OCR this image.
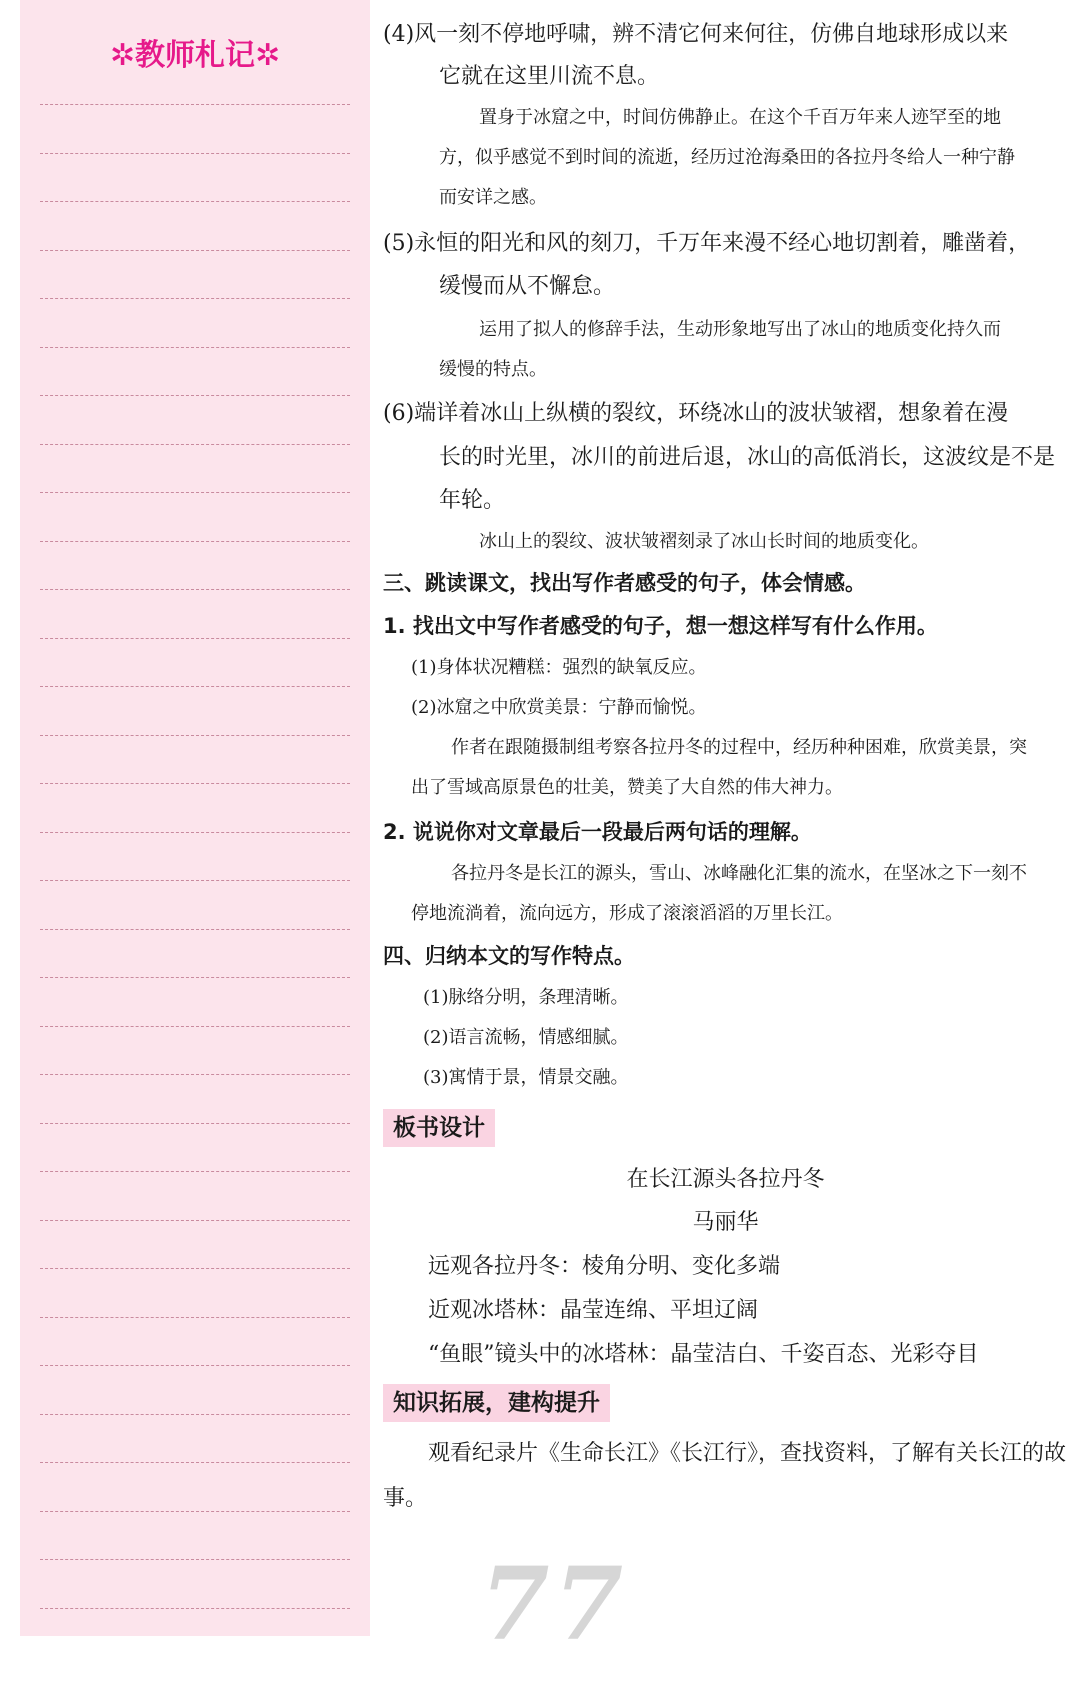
✲教师札记✲

(4)风一刻不停地呼啸，辨不清它何来何往，仿佛自地球形成以来

它就在这里川流不息。

置身于冰窟之中，时间仿佛静止。在这个千百万年来人迹罕至的地

方，似乎感觉不到时间的流逝，经历过沧海桑田的各拉丹冬给人一种宁静

而安详之感。

(5)永恒的阳光和风的刻刀，千万年来漫不经心地切割着，雕凿着，

缓慢而从不懈怠。

运用了拟人的修辞手法，生动形象地写出了冰山的地质变化持久而

缓慢的特点。

(6)端详着冰山上纵横的裂纹，环绕冰山的波状皱褶，想象着在漫

长的时光里，冰川的前进后退，冰山的高低消长，这波纹是不是

年轮。

冰山上的裂纹、波状皱褶刻录了冰山长时间的地质变化。

三、跳读课文，找出写作者感受的句子，体会情感。

1. 找出文中写作者感受的句子，想一想这样写有什么作用。

(1)身体状况糟糕：强烈的缺氧反应。

(2)冰窟之中欣赏美景：宁静而愉悦。

作者在跟随摄制组考察各拉丹冬的过程中，经历种种困难，欣赏美景，突

出了雪域高原景色的壮美，赞美了大自然的伟大神力。

2. 说说你对文章最后一段最后两句话的理解。

各拉丹冬是长江的源头，雪山、冰峰融化汇集的流水，在坚冰之下一刻不

停地流淌着，流向远方，形成了滚滚滔滔的万里长江。

四、归纳本文的写作特点。

(1)脉络分明，条理清晰。

(2)语言流畅，情感细腻。

(3)寓情于景，情景交融。

板书设计

在长江源头各拉丹冬

马丽华

远观各拉丹冬：棱角分明、变化多端

近观冰塔林：晶莹连绵、平坦辽阔

“鱼眼”镜头中的冰塔林：晶莹洁白、千姿百态、光彩夺目

知识拓展，建构提升

观看纪录片《生命长江》《长江行》，查找资料，了解有关长江的故

事。

77
